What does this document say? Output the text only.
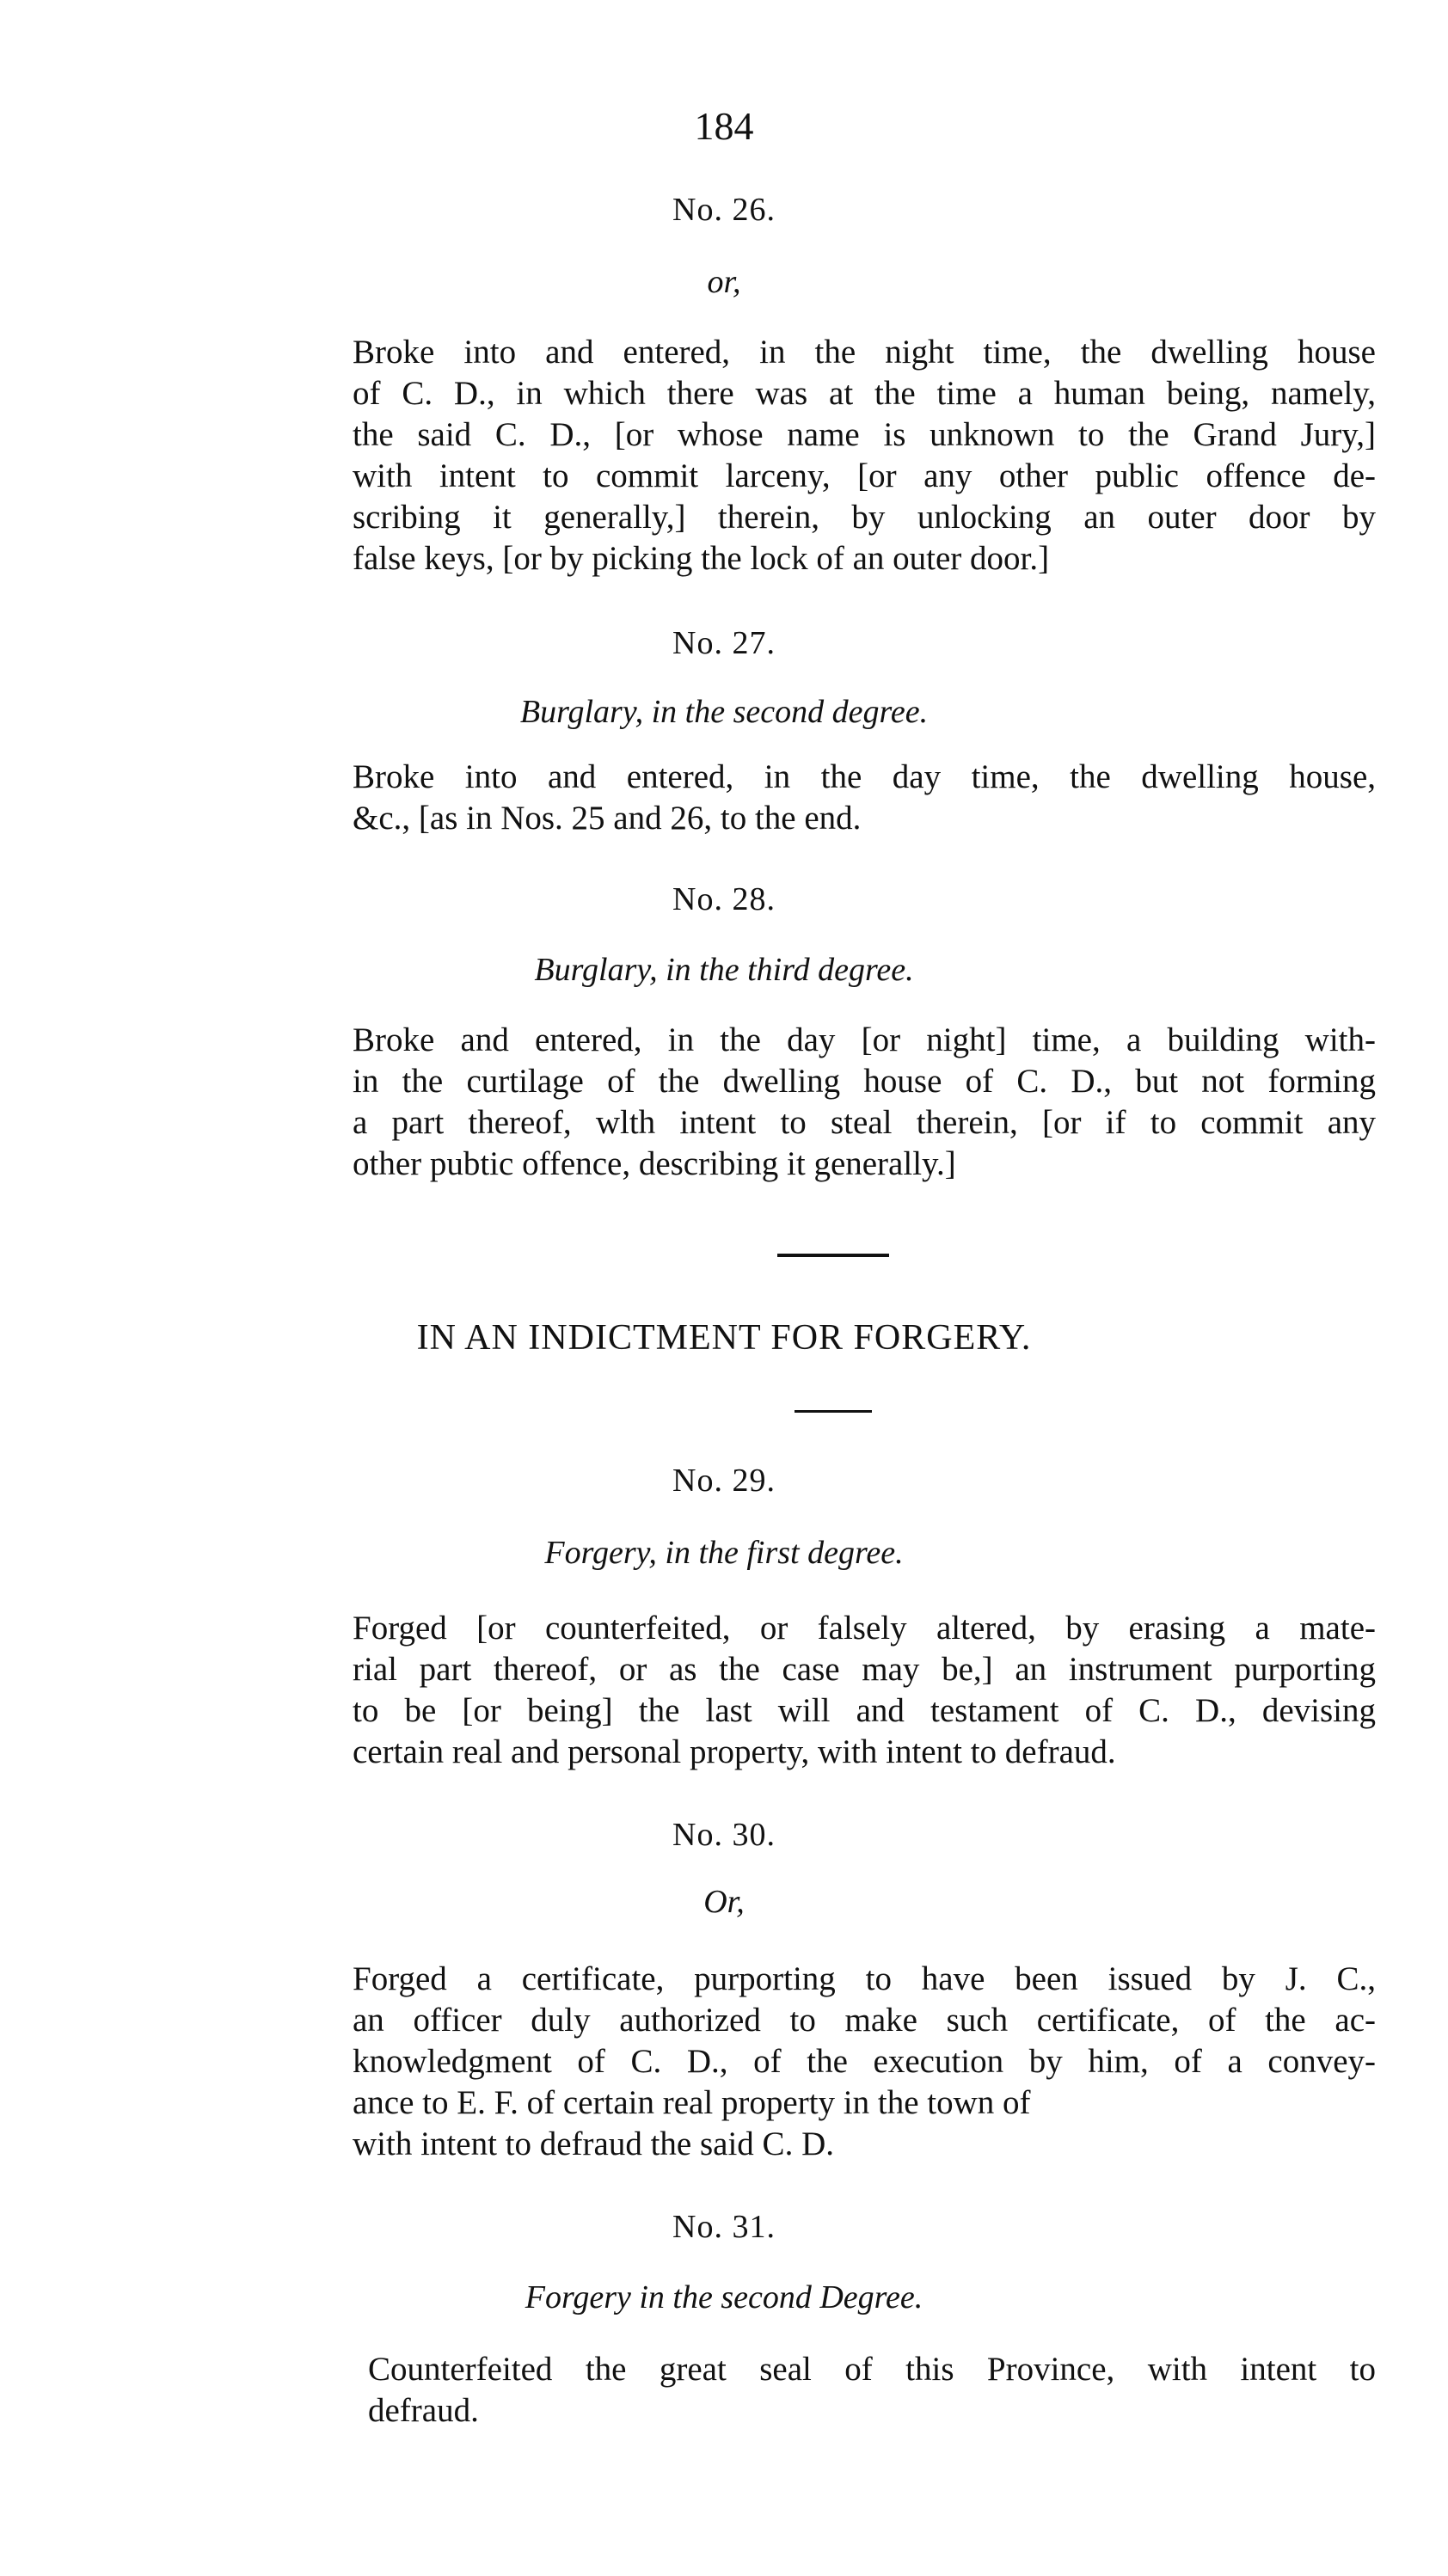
184
No. 26.
or,
Broke into and entered, in the night time, the dwelling house
of C. D., in which there was at the time a human being, namely,
the said C. D., [or whose name is unknown to the Grand Jury,]
with intent to commit larceny, [or any other public offence de-
scribing it generally,] therein, by unlocking an outer door by
false keys, [or by picking the lock of an outer door.]
No. 27.
Burglary, in the second degree.
Broke into and entered, in the day time, the dwelling house,
&c., [as in Nos. 25 and 26, to the end.
No. 28.
Burglary, in the third degree.
Broke and entered, in the day [or night] time, a building with-
in the curtilage of the dwelling house of C. D., but not forming
a part thereof, wlth intent to steal therein, [or if to commit any
other pubtic offence, describing it generally.]
IN AN INDICTMENT FOR FORGERY.
No. 29.
Forgery, in the first degree.
Forged [or counterfeited, or falsely altered, by erasing a mate-
rial part thereof, or as the case may be,] an instrument purporting
to be [or being] the last will and testament of C. D., devising
certain real and personal property, with intent to defraud.
No. 30.
Or,
Forged a certificate, purporting to have been issued by J. C.,
an officer duly authorized to make such certificate, of the ac-
knowledgment of C. D., of the execution by him, of a convey-
ance to E. F. of certain real property in the town of
with intent to defraud the said C. D.
No. 31.
Forgery in the second Degree.
Counterfeited the great seal of this Province, with intent to
defraud.
